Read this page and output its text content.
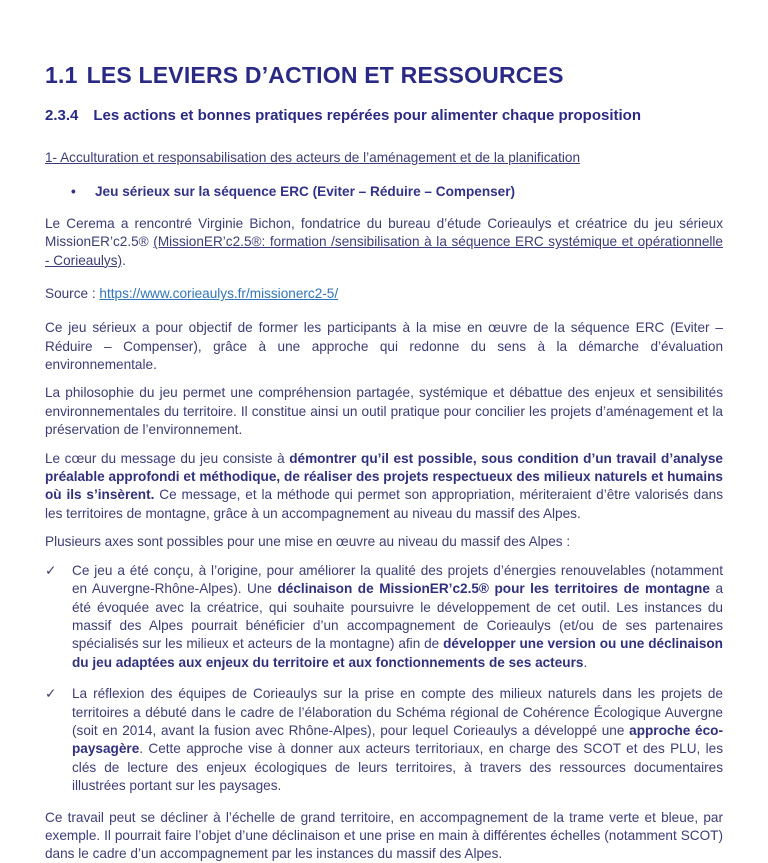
1.1 LES LEVIERS D’ACTION ET RESSOURCES
2.3.4 Les actions et bonnes pratiques repérées pour alimenter chaque proposition
1- Acculturation et responsabilisation des acteurs de l’aménagement et de la planification
•	Jeu sérieux sur la séquence ERC (Eviter – Réduire – Compenser)

Le Cerema a rencontré Virginie Bichon, fondatrice du bureau d’étude Corieaulys et créatrice du jeu sérieux MissionER’c2.5® (MissionER’c2.5®: formation /sensibilisation à la séquence ERC systémique et opérationnelle - Corieaulys).

Source : https://www.corieaulys.fr/missionerc2-5/

Ce jeu sérieux a pour objectif de former les participants à la mise en œuvre de la séquence ERC (Eviter – Réduire – Compenser), grâce à une approche qui redonne du sens à la démarche d’évaluation environnementale.

La philosophie du jeu permet une compréhension partagée, systémique et débattue des enjeux et sensibilités environnementales du territoire. Il constitue ainsi un outil pratique pour concilier les projets d’aménagement et la préservation de l’environnement.

Le cœur du message du jeu consiste à démontrer qu’il est possible, sous condition d’un travail d’analyse préalable approfondi et méthodique, de réaliser des projets respectueux des milieux naturels et humains où ils s’insèrent. Ce message, et la méthode qui permet son appropriation, mériteraient d’être valorisés dans les territoires de montagne, grâce à un accompagnement au niveau du massif des Alpes.

Plusieurs axes sont possibles pour une mise en œuvre au niveau du massif des Alpes :

✓	Ce jeu a été conçu, à l’origine, pour améliorer la qualité des projets d’énergies renouvelables (notamment en Auvergne-Rhône-Alpes). Une déclinaison de MissionER’c2.5® pour les territoires de montagne a été évoquée avec la créatrice, qui souhaite poursuivre le développement de cet outil. Les instances du massif des Alpes pourrait bénéficier d’un accompagnement de Corieaulys (et/ou de ses partenaires spécialisés sur les milieux et acteurs de la montagne) afin de développer une version ou une déclinaison du jeu adaptées aux enjeux du territoire et aux fonctionnements de ses acteurs.
✓	La réflexion des équipes de Corieaulys sur la prise en compte des milieux naturels dans les projets de territoires a débuté dans le cadre de l’élaboration du Schéma régional de Cohérence Écologique Auvergne (soit en 2014, avant la fusion avec Rhône-Alpes), pour lequel Corieaulys a développé une approche éco-paysagère. Cette approche vise à donner aux acteurs territoriaux, en charge des SCOT et des PLU, les clés de lecture des enjeux écologiques de leurs territoires, à travers des ressources documentaires illustrées portant sur les paysages.

Ce travail peut se décliner à l’échelle de grand territoire, en accompagnement de la trame verte et bleue, par exemple. Il pourrait faire l’objet d’une déclinaison et une prise en main à différentes échelles (notamment SCOT) dans le cadre d’un accompagnement par les instances du massif des Alpes.
